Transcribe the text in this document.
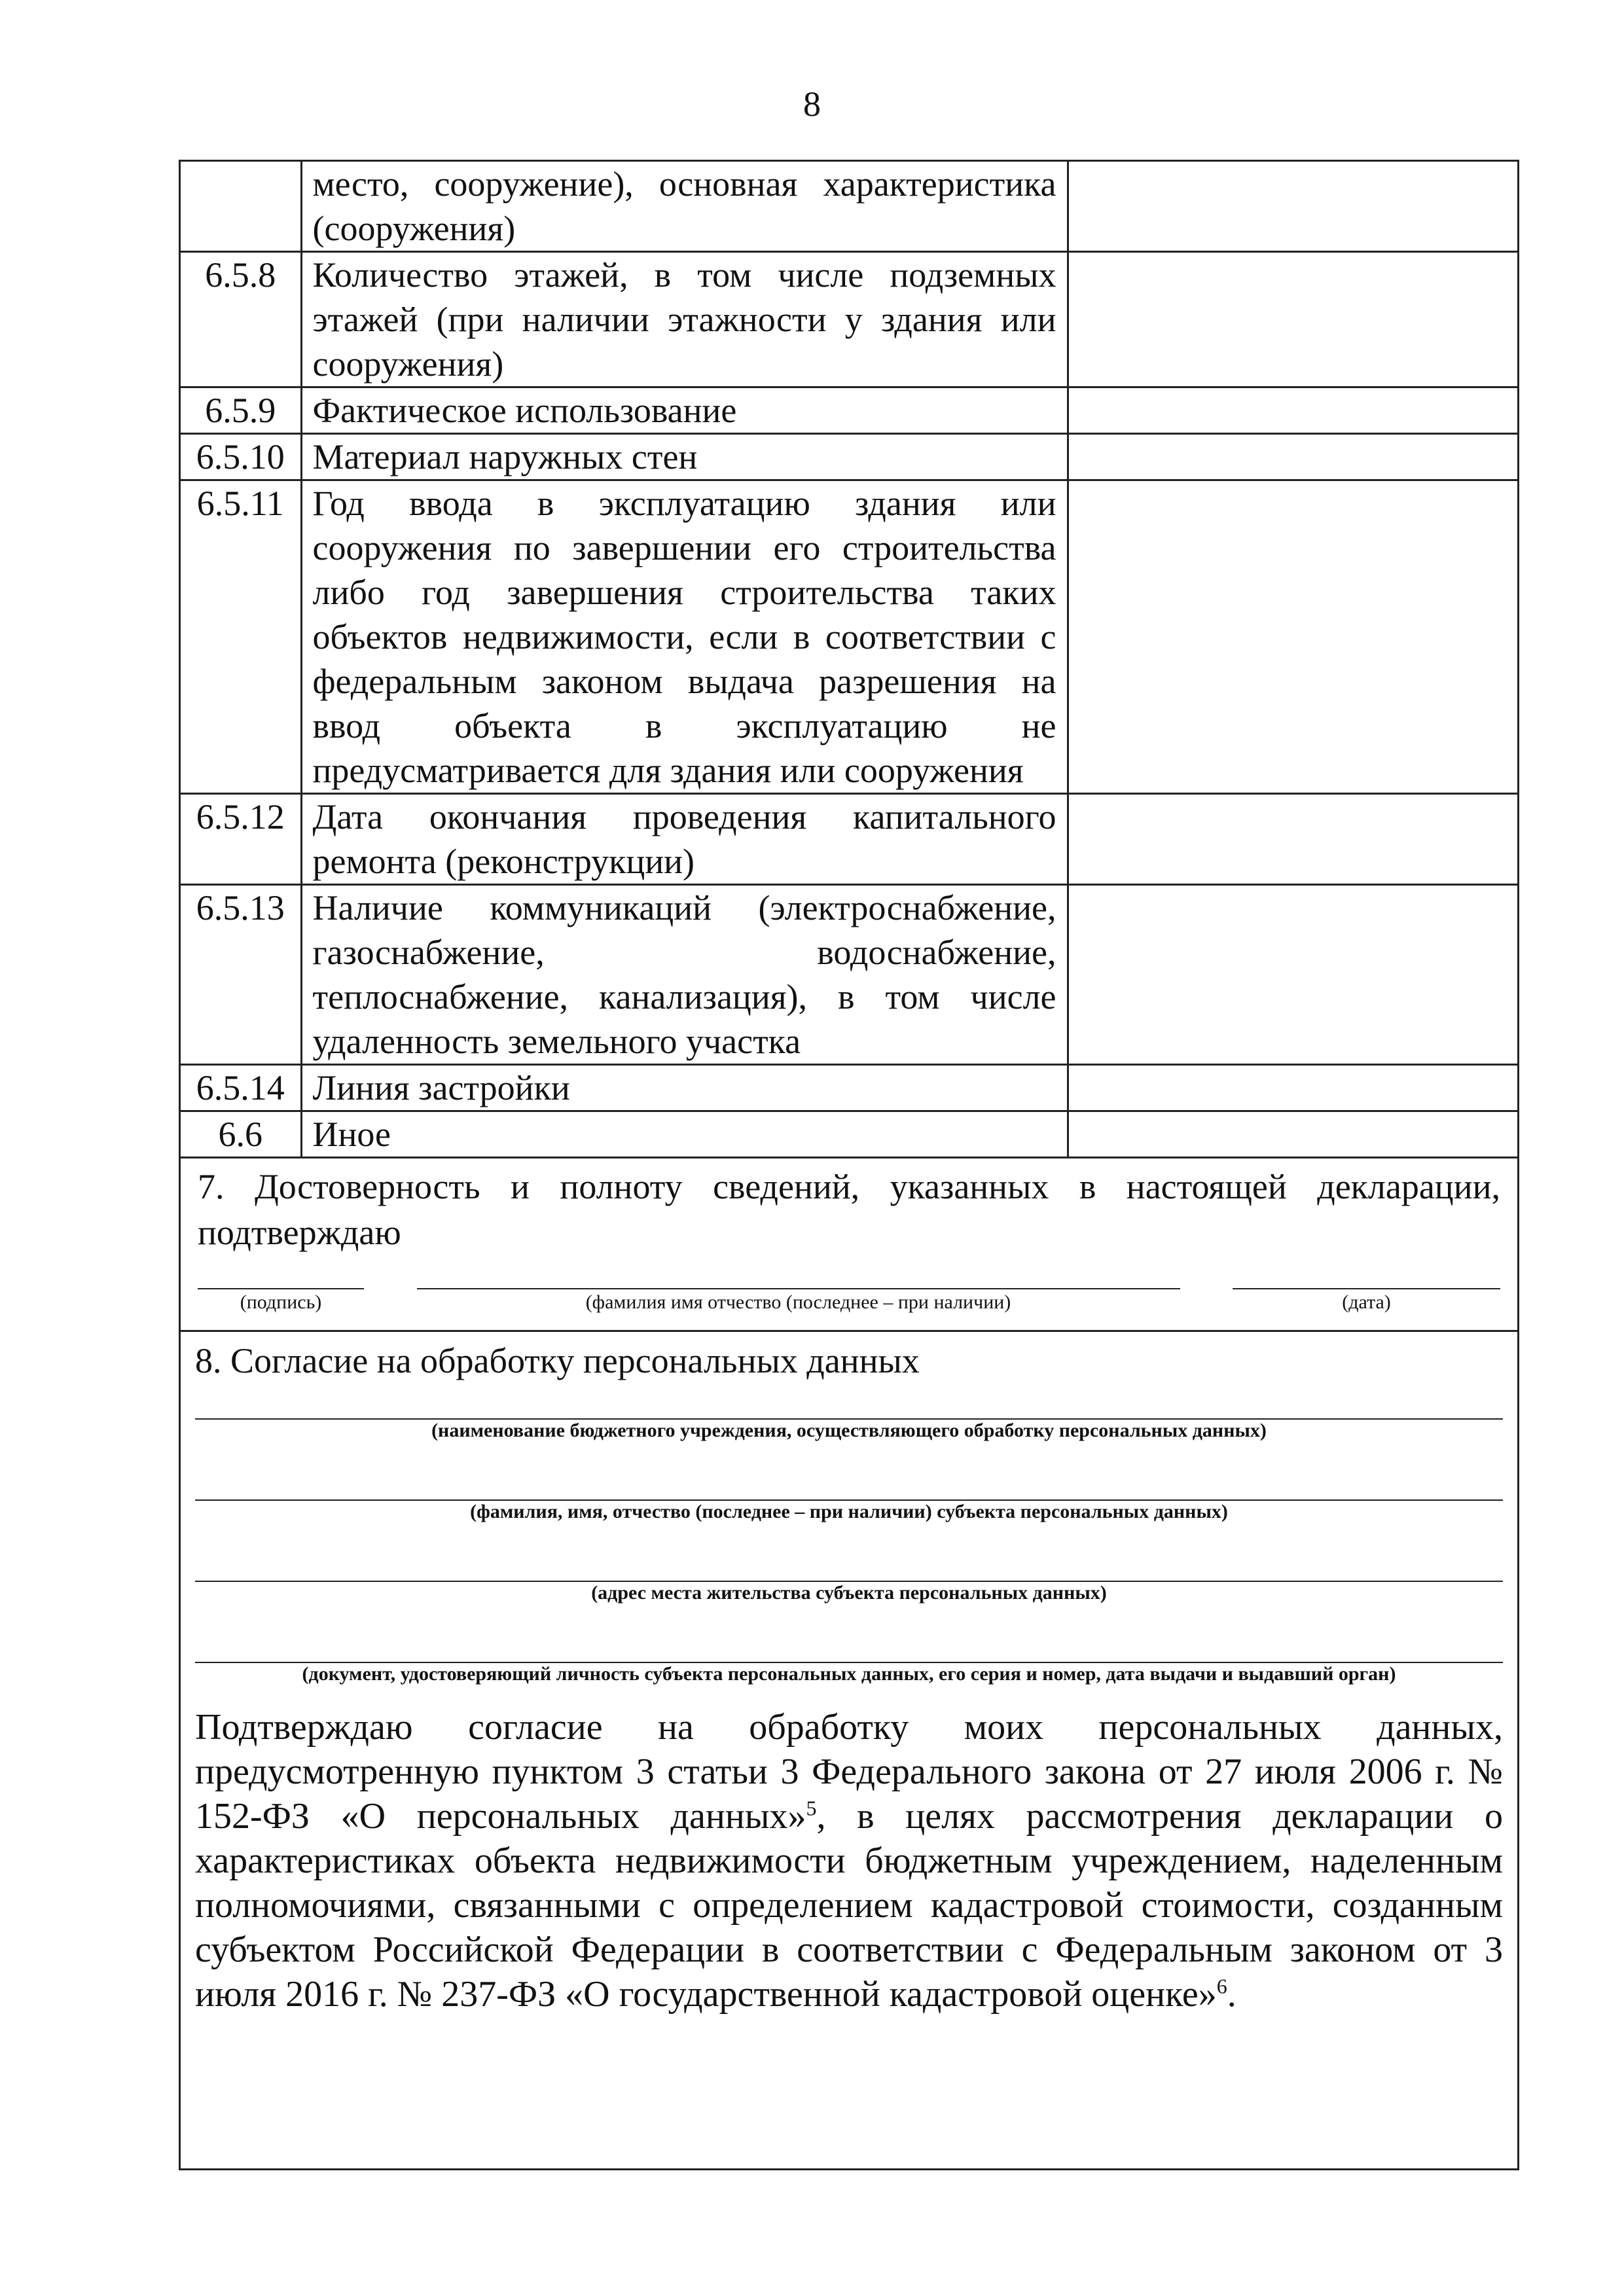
8
	место, сооружение), основная характеристика (сооружения)	
6.5.8	Количество этажей, в том числе подземных этажей (при наличии этажности у здания или сооружения)	
6.5.9	Фактическое использование	
6.5.10	Материал наружных стен	
6.5.11	Год ввода в эксплуатацию здания или сооружения по завершении его строительства либо год завершения строительства таких объектов недвижимости, если в соответствии с федеральным законом выдача разрешения на ввод объекта в эксплуатацию не предусматривается для здания или сооружения	
6.5.12	Дата окончания проведения капитального ремонта (реконструкции)	
6.5.13	Наличие коммуникаций (электроснабжение, газоснабжение, водоснабжение, теплоснабжение, канализация), в том числе удаленность земельного участка	
6.5.14	Линия застройки	
6.6	Иное	
7. Достоверность и полноту сведений, указанных в настоящей декларации, подтверждаю
(подпись)	(фамилия имя отчество (последнее – при наличии)	(дата)
8. Согласие на обработку персональных данных
(наименование бюджетного учреждения, осуществляющего обработку персональных данных)
(фамилия, имя, отчество (последнее – при наличии) субъекта персональных данных)
(адрес места жительства субъекта персональных данных)
(документ, удостоверяющий личность субъекта персональных данных, его серия и номер, дата выдачи и выдавший орган)
Подтверждаю согласие на обработку моих персональных данных, предусмотренную пунктом 3 статьи 3 Федерального закона от 27 июля 2006 г. № 152-ФЗ «О персональных данных»$^5$, в целях рассмотрения декларации о характеристиках объекта недвижимости бюджетным учреждением, наделенным полномочиями, связанными с определением кадастровой стоимости, созданным субъектом Российской Федерации в соответствии с Федеральным законом от 3 июля 2016 г. № 237-ФЗ «О государственной кадастровой оценке»$^6$.
